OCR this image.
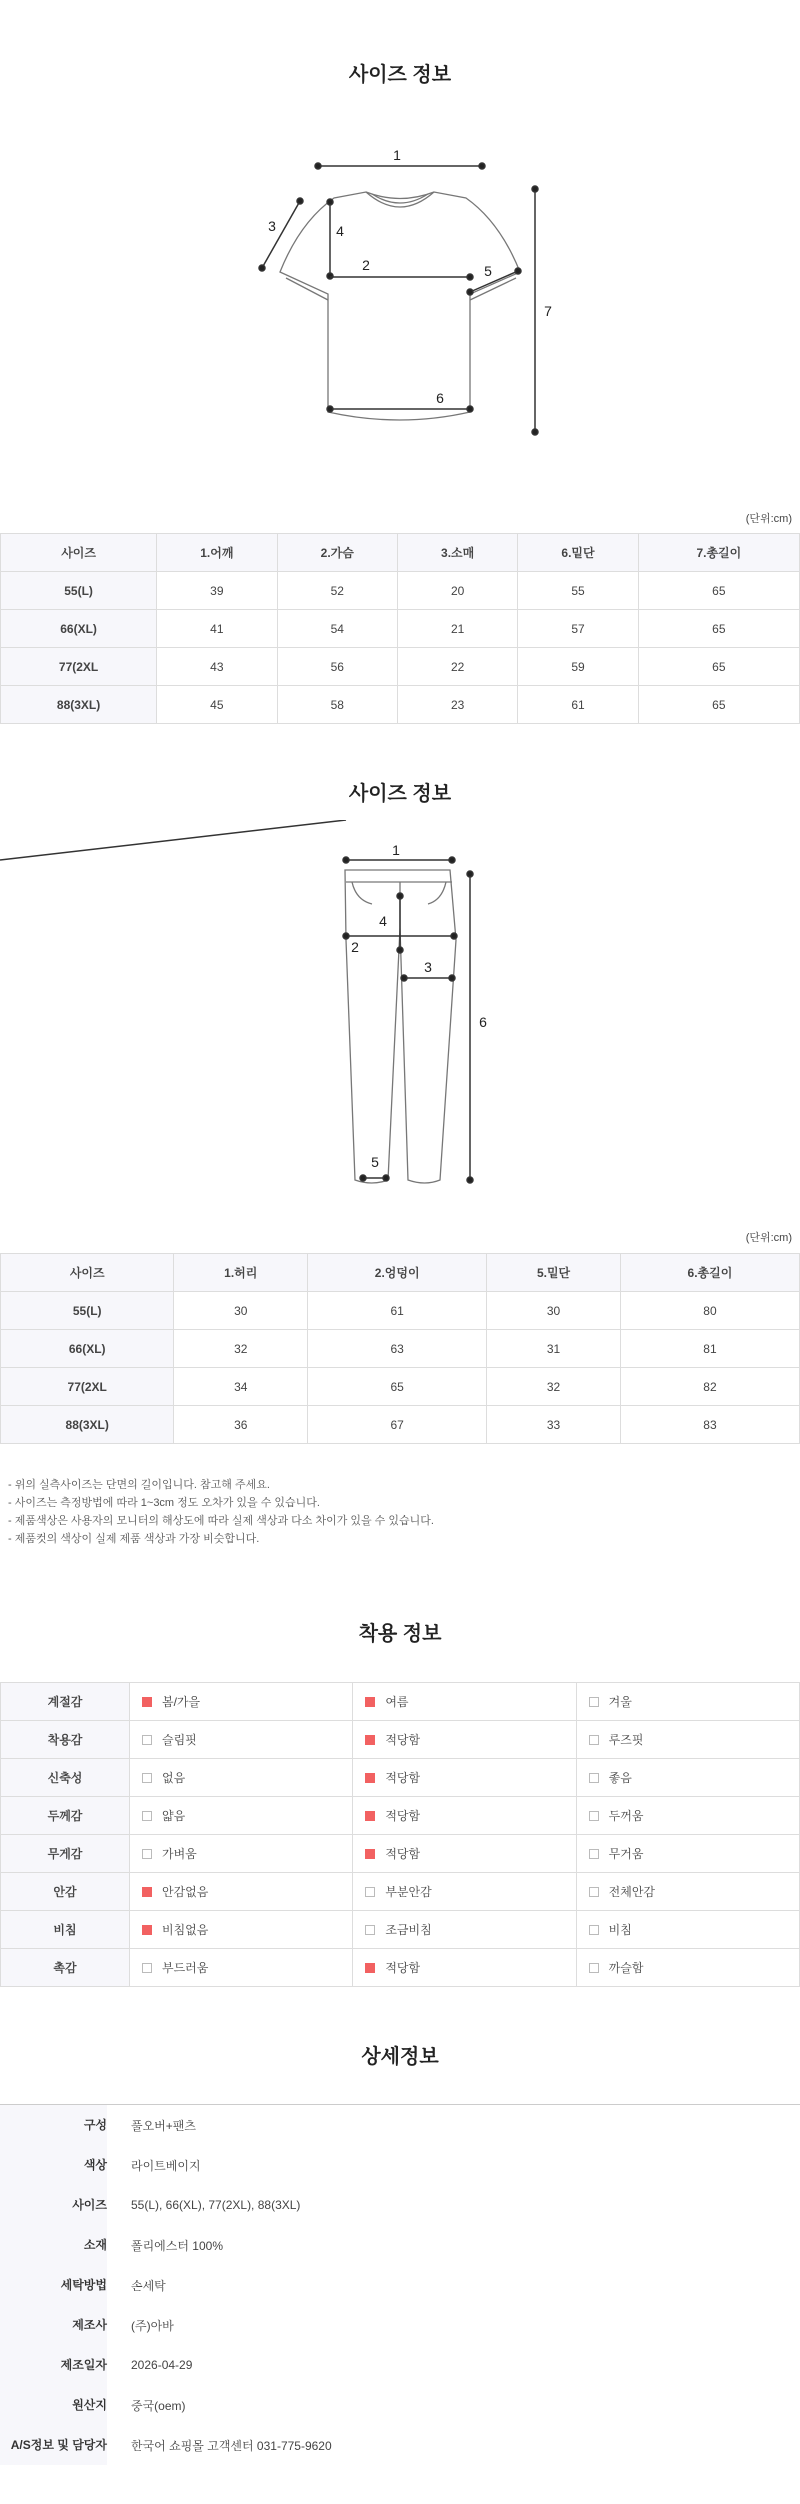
사이즈 정보
1
2
3	4
5
6
7
(단위:cm)
사이즈	1.어깨	2.가슴	3.소매	6.밑단	7.총길이
55(L)	39	52	20	55	65
66(XL)	41	54	21	57	65
77(2XL	43	56	22	59	65
88(3XL)	45	58	23	61	65
사이즈 정보
1
2
3
4
5
6
(단위:cm)
사이즈	1.허리	2.엉덩이	5.밑단	6.총길이
55(L)	30	61	30	80
66(XL)	32	63	31	81
77(2XL	34	65	32	82
88(3XL)	36	67	33	83
- 위의 실측사이즈는 단면의 길이입니다. 참고해 주세요.
- 사이즈는 측정방법에 따라 1~3cm 정도 오차가 있을 수 있습니다.
- 제품색상은 사용자의 모니터의 해상도에 따라 실제 색상과 다소 차이가 있을 수 있습니다.
- 제품컷의 색상이 실제 제품 색상과 가장 비슷합니다.
착용 정보
계절감	봄/가을	여름	겨울
착용감	슬림핏	적당함	루즈핏
신축성	없음	적당함	좋음
두께감	얇음	적당함	두꺼움
무게감	가벼움	적당함	무거움
안감	안감없음	부분안감	전체안감
비침	비침없음	조금비침	비침
촉감	부드러움	적당함	까슬함
상세정보
구성	풀오버+팬츠
색상	라이트베이지
사이즈	55(L), 66(XL), 77(2XL), 88(3XL)
소재	폴리에스터 100%
세탁방법	손세탁
제조사	(주)아바
제조일자	2026-04-29
원산지	중국(oem)
A/S정보 및 담당자	한국어 쇼핑몰 고객센터 031-775-9620
